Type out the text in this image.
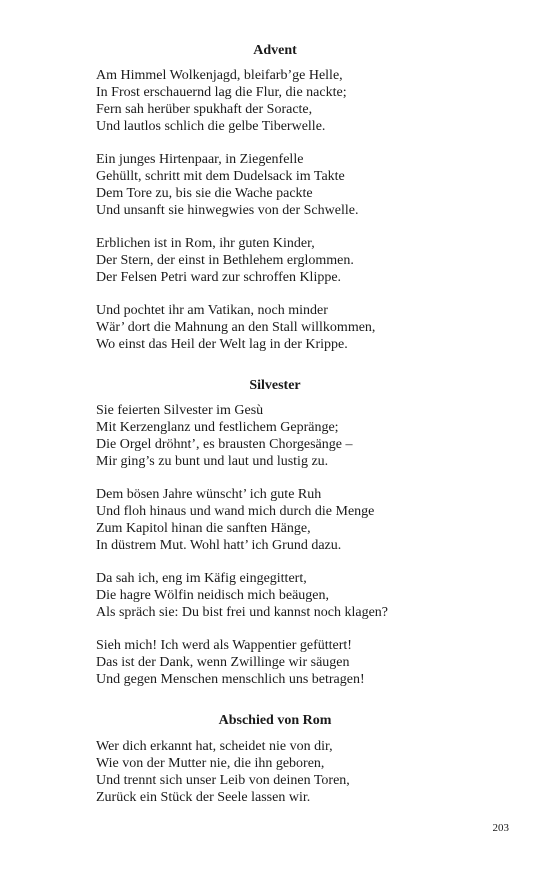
Advent
Am Himmel Wolkenjagd, bleifarb’ge Helle,
In Frost erschauernd lag die Flur, die nackte;
Fern sah herüber spukhaft der Soracte,
Und lautlos schlich die gelbe Tiberwelle.
Ein junges Hirtenpaar, in Ziegenfelle
Gehüllt, schritt mit dem Dudelsack im Takte
Dem Tore zu, bis sie die Wache packte
Und unsanft sie hinwegwies von der Schwelle.
Erblichen ist in Rom, ihr guten Kinder,
Der Stern, der einst in Bethlehem erglommen.
Der Felsen Petri ward zur schroffen Klippe.
Und pochtet ihr am Vatikan, noch minder
Wär’ dort die Mahnung an den Stall willkommen,
Wo einst das Heil der Welt lag in der Krippe.
Silvester
Sie feierten Silvester im Gesù
Mit Kerzenglanz und festlichem Gepränge;
Die Orgel dröhnt’, es brausten Chorgesänge –
Mir ging’s zu bunt und laut und lustig zu.
Dem bösen Jahre wünscht’ ich gute Ruh
Und floh hinaus und wand mich durch die Menge
Zum Kapitol hinan die sanften Hänge,
In düstrem Mut. Wohl hatt’ ich Grund dazu.
Da sah ich, eng im Käfig eingegittert,
Die hagre Wölfin neidisch mich beäugen,
Als spräch sie: Du bist frei und kannst noch klagen?
Sieh mich! Ich werd als Wappentier gefüttert!
Das ist der Dank, wenn Zwillinge wir säugen
Und gegen Menschen menschlich uns betragen!
Abschied von Rom
Wer dich erkannt hat, scheidet nie von dir,
Wie von der Mutter nie, die ihn geboren,
Und trennt sich unser Leib von deinen Toren,
Zurück ein Stück der Seele lassen wir.
203
